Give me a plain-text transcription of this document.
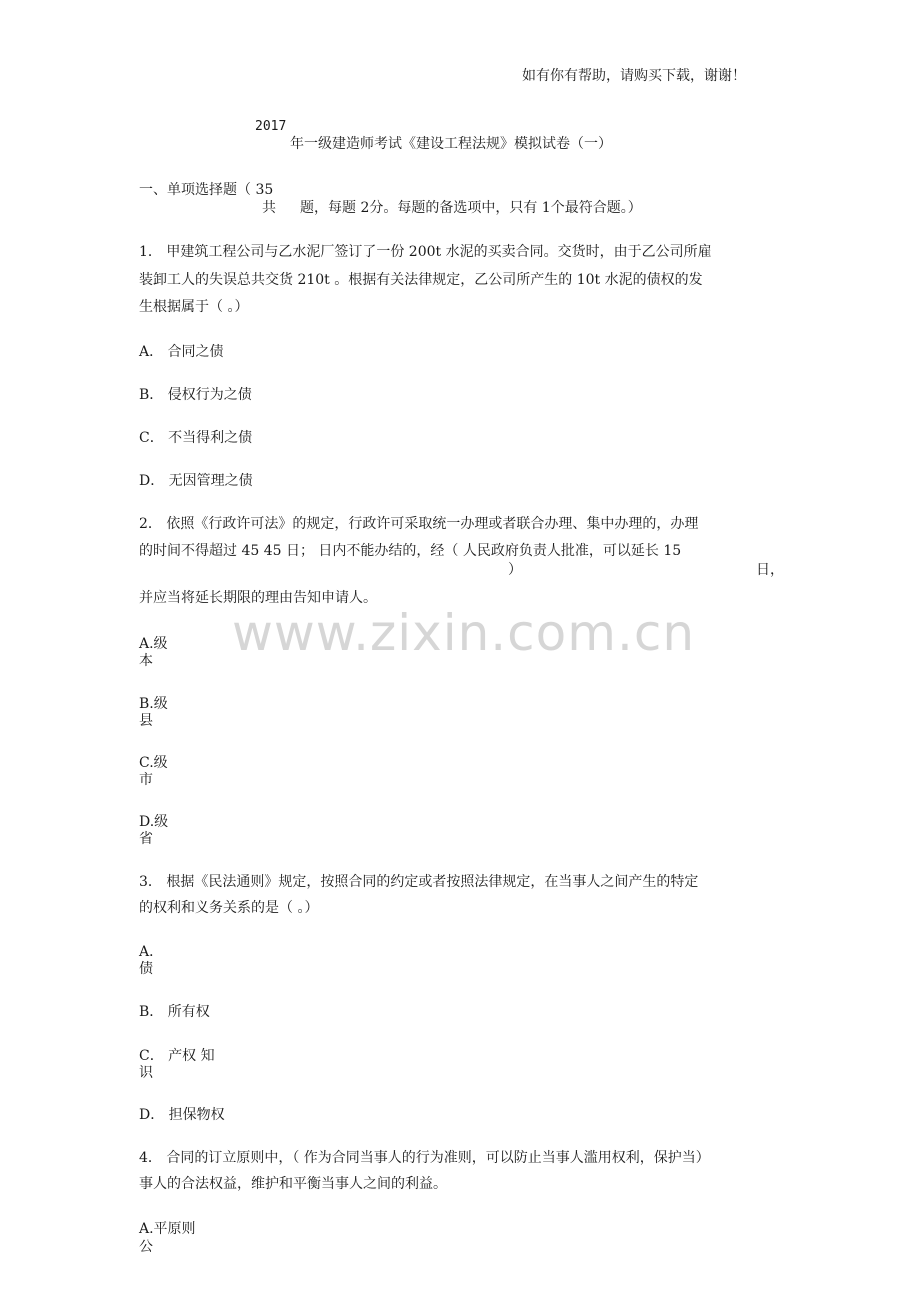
如有你有帮助，请购买下载，谢谢！
2017
年一级建造师考试《建设工程法规》模拟试卷（一）
一、单项选择题（ 35
共 题，每题 2分。每题的备选项中，只有 1个最符合题。）
1． 甲建筑工程公司与乙水泥厂签订了一份 200t 水泥的买卖合同。交货时，由于乙公司所雇
装卸工人的失误总共交货 210t 。根据有关法律规定，乙公司所产生的 10t 水泥的债权的发
生根据属于（ 。）
A． 合同之债
B． 侵权行为之债
C． 不当得利之债
D． 无因管理之债
2． 依照《行政许可法》的规定，行政许可采取统一办理或者联合办理、集中办理的，办理
的时间不得超过 45 45 日； 日内不能办结的，经（ 人民政府负责人批准，可以延长 15
）	日，
并应当将延长期限的理由告知申请人。
www.zixin.com.cn
A.级
本
B.级
县
C.级
市
D.级
省
3． 根据《民法通则》规定，按照合同的约定或者按照法律规定，在当事人之间产生的特定
的权利和义务关系的是（ 。）
A．
债
B． 所有权
C． 产权 知
识
D． 担保物权
4． 合同的订立原则中，（ 作为合同当事人的行为准则，可以防止当事人滥用权利，保护当）
事人的合法权益，维护和平衡当事人之间的利益。
A.平原则
公
